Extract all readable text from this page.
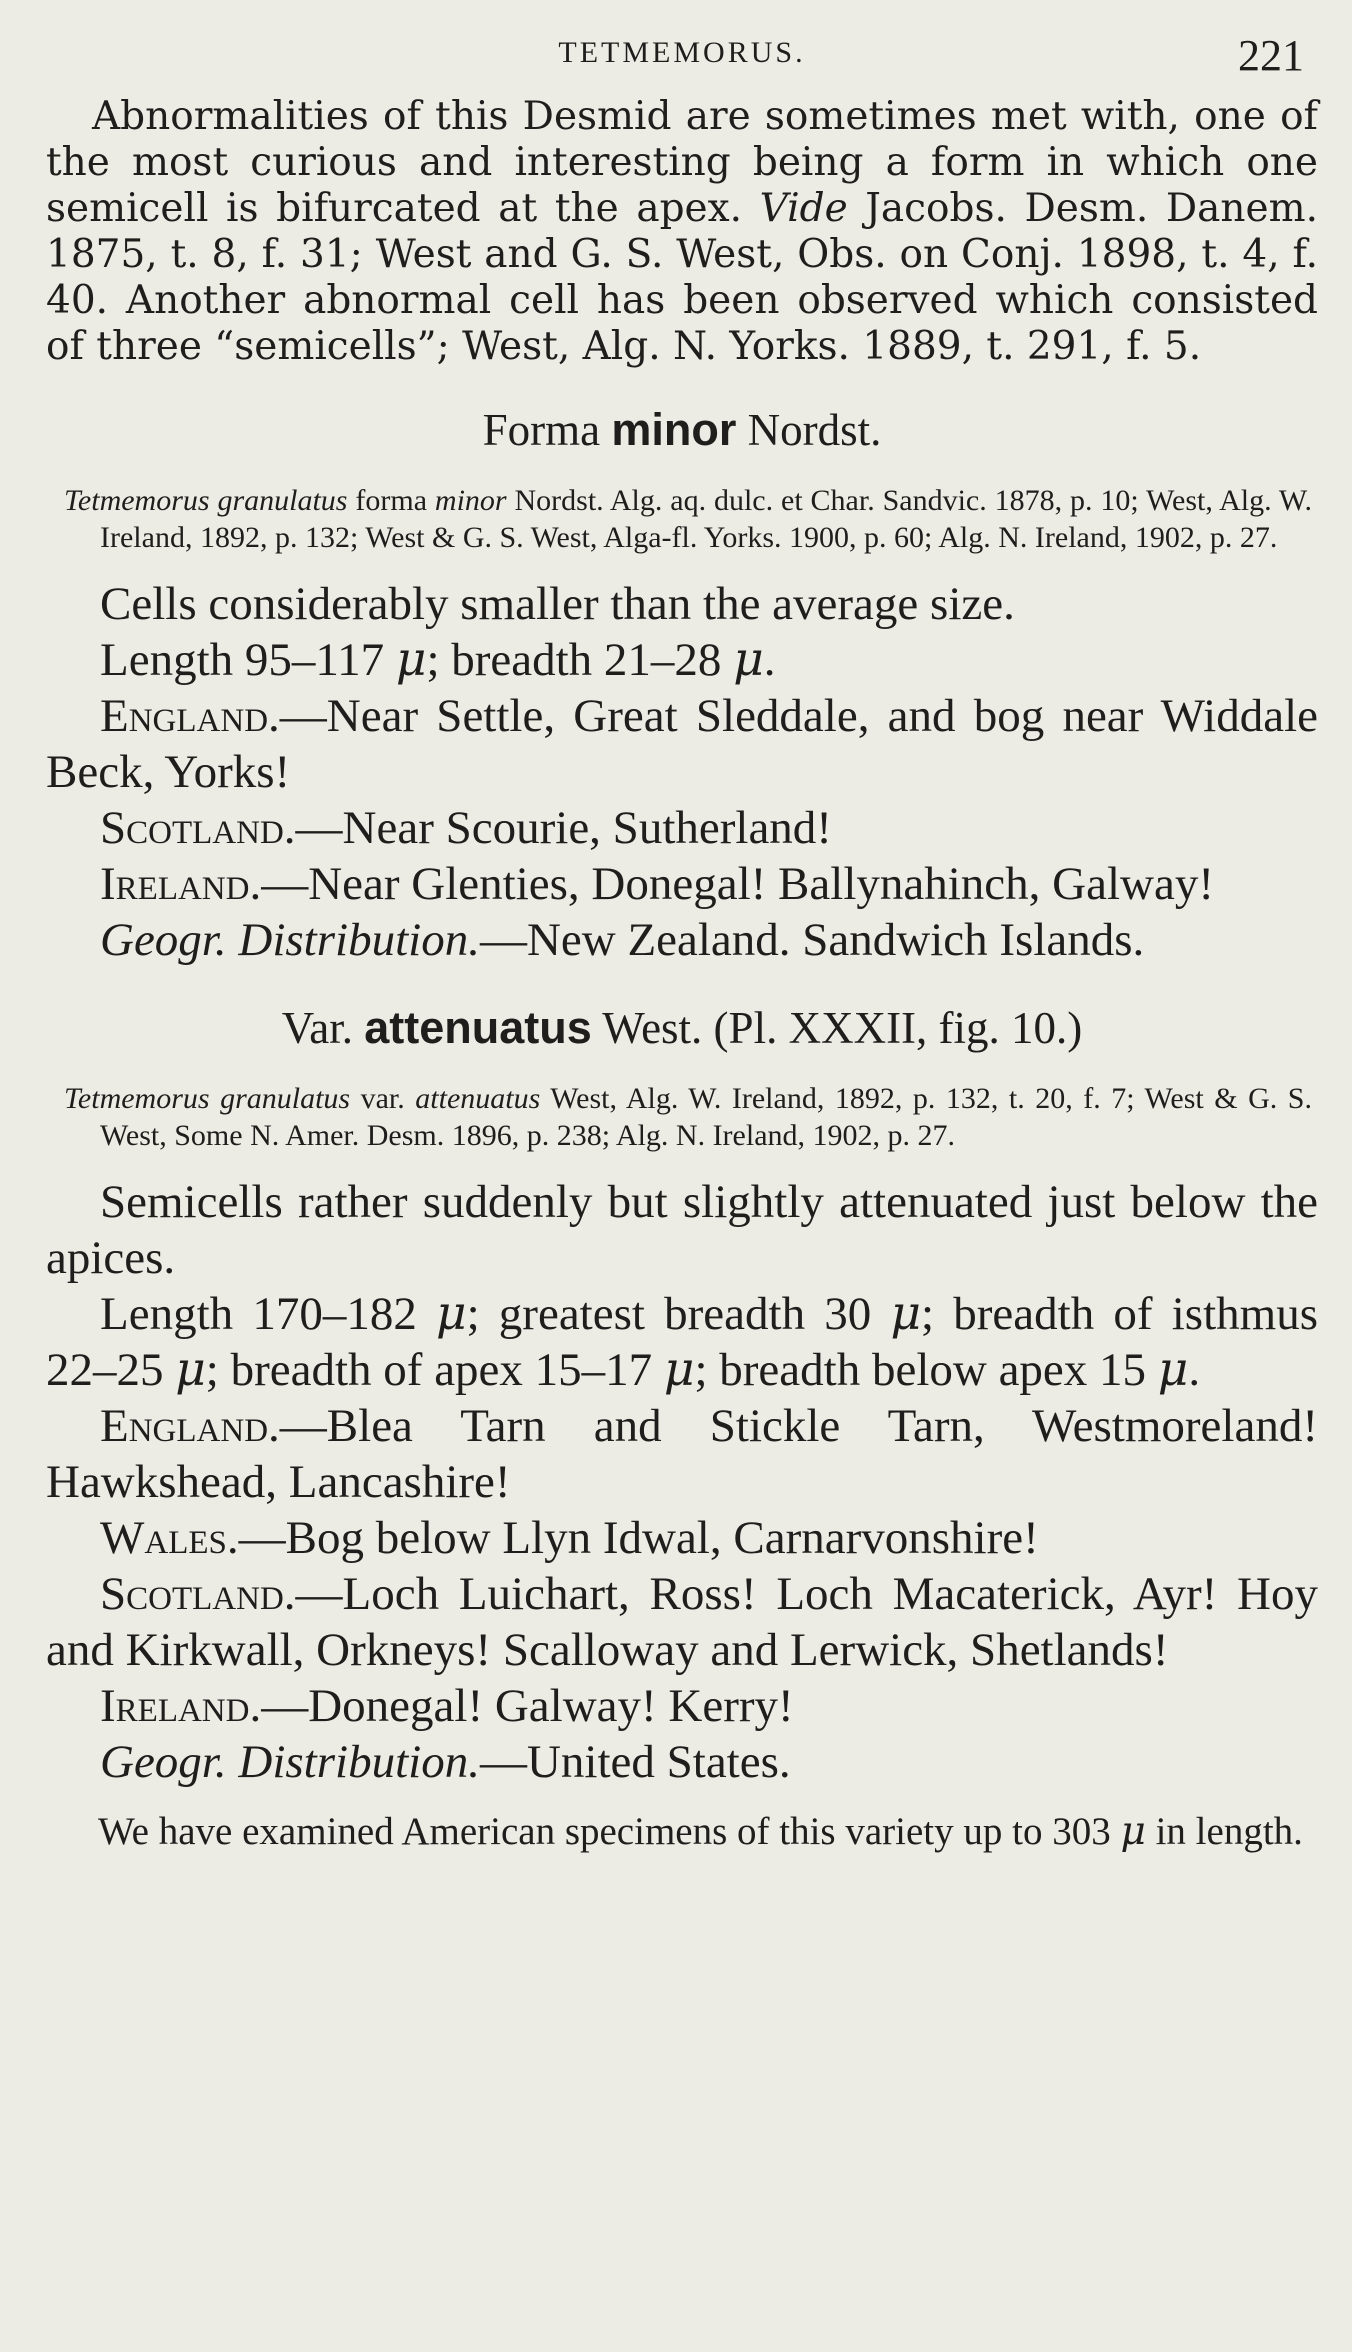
TETMEMORUS.	221

Abnormalities of this Desmid are sometimes met with, one of the most curious and interesting being a form in which one semicell is bifurcated at the apex. Vide Jacobs. Desm. Danem. 1875, t. 8, f. 31; West and G. S. West, Obs. on Conj. 1898, t. 4, f. 40. Another abnormal cell has been observed which consisted of three “semicells”; West, Alg. N. Yorks. 1889, t. 291, f. 5.

Forma minor Nordst.

Tetmemorus granulatus forma minor Nordst. Alg. aq. dulc. et Char. Sandvic. 1878, p. 10; West, Alg. W. Ireland, 1892, p. 132; West & G. S. West, Alga-fl. Yorks. 1900, p. 60; Alg. N. Ireland, 1902, p. 27.

Cells considerably smaller than the average size.

Length 95–117 μ; breadth 21–28 μ.

England.—Near Settle, Great Sleddale, and bog near Widdale Beck, Yorks!

Scotland.—Near Scourie, Sutherland!

Ireland.—Near Glenties, Donegal! Ballynahinch, Galway!

Geogr. Distribution.—New Zealand. Sandwich Islands.

Var. attenuatus West. (Pl. XXXII, fig. 10.)

Tetmemorus granulatus var. attenuatus West, Alg. W. Ireland, 1892, p. 132, t. 20, f. 7; West & G. S. West, Some N. Amer. Desm. 1896, p. 238; Alg. N. Ireland, 1902, p. 27.

Semicells rather suddenly but slightly attenuated just below the apices.

Length 170–182 μ; greatest breadth 30 μ; breadth of isthmus 22–25 μ; breadth of apex 15–17 μ; breadth below apex 15 μ.

England.—Blea Tarn and Stickle Tarn, Westmoreland! Hawkshead, Lancashire!

Wales.—Bog below Llyn Idwal, Carnarvonshire!

Scotland.—Loch Luichart, Ross! Loch Macaterick, Ayr! Hoy and Kirkwall, Orkneys! Scalloway and Lerwick, Shetlands!

Ireland.—Donegal! Galway! Kerry!

Geogr. Distribution.—United States.

We have examined American specimens of this variety up to 303 μ in length.
